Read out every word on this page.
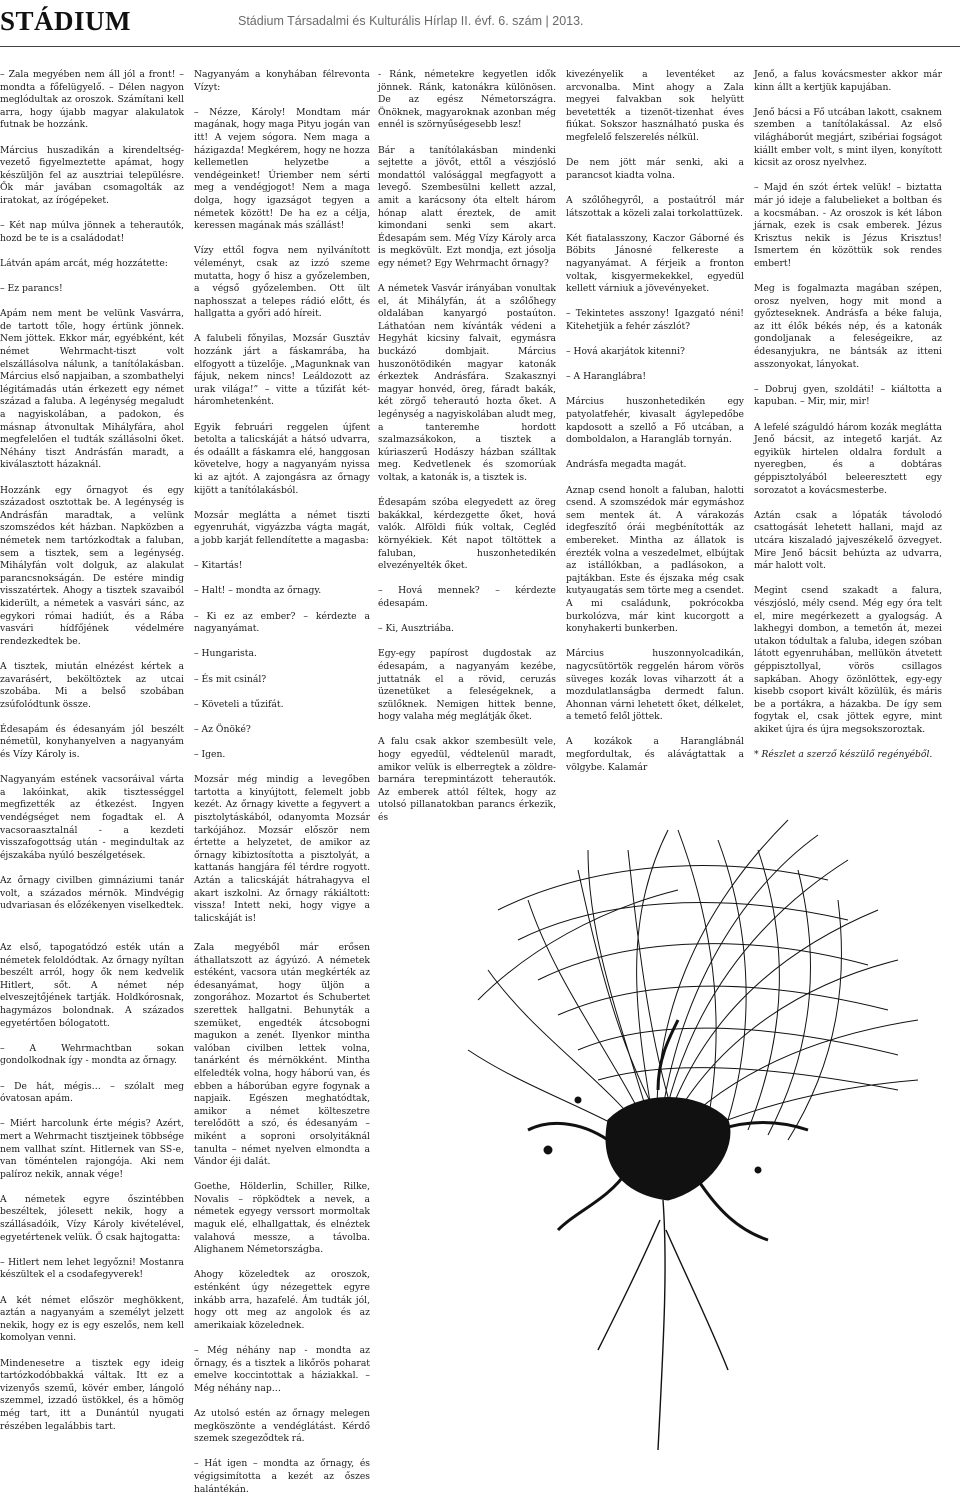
STÁDIUM	Stádium Társadalmi és Kulturális Hírlap II. évf. 6. szám | 2013.

– Zala megyében nem áll jól a front! – mondta a főfelügyelő. – Délen nagyon meglódultak az oroszok. Számítani kell arra, hogy újabb magyar alakulatok futnak be hozzánk.

Március huszadikán a kirendeltség-vezető figyelmeztette apámat, hogy készüljön fel az ausztriai településre. Ők már javában csomagolták az iratokat, az írógépeket.

– Két nap múlva jönnek a teherautók, hozd be te is a családodat!

Látván apám arcát, még hozzátette:

– Ez parancs!

Apám nem ment be velünk Vasvárra, de tartott tőle, hogy értünk jönnek. Nem jöttek. Ekkor már, egyébként, két német Wehrmacht-tiszt volt elszállásolva nálunk, a tanítólakásban. Március első napjaiban, a szombathelyi légitámadás után érkezett egy német század a faluba. A legénység megaludt a nagyiskolában, a padokon, és másnap átvonultak Mihályfára, ahol megfelelően el tudták szállásolni őket. Néhány tiszt Andrásfán maradt, a kiválasztott házaknál.

Hozzánk egy őrnagyot és egy századost osztottak be. A legénység is Andrásfán maradtak, a velünk szomszédos két házban. Napközben a németek nem tartózkodtak a faluban, sem a tisztek, sem a legénység. Mihályfán volt dolguk, az alakulat parancsnokságán. De estére mindig visszatértek. Ahogy a tisztek szavaiból kiderült, a németek a vasvári sánc, az egykori római hadiút, és a Rába vasvári hídfőjének védelmére rendezkedtek be.

A tisztek, miután elnézést kértek a zavarásért, beköltöztek az utcai szobába. Mi a belső szobában zsúfolódtunk össze.

Édesapám és édesanyám jól beszélt németül, konyhanyelven a nagyanyám és Vízy Károly is.

Nagyanyám estének vacsoráival várta a lakóinkat, akik tisztességgel megfizették az étkezést. Ingyen vendégséget nem fogadtak el. A vacsoraasztalnál - a kezdeti visszafogottság után - megindultak az éjszakába nyúló beszélgetések.

Az őrnagy civilben gimnáziumi tanár volt, a százados mérnök. Mindvégig udvariasan és előzékenyen viselkedtek.

Nagyanyám a konyhában félrevonta Vízyt:

– Nézze, Károly! Mondtam már magának, hogy maga Pityu jogán van itt! A vejem sógora. Nem maga a házigazda! Megkérem, hogy ne hozza kellemetlen helyzetbe a vendégeinket! Úriember nem sérti meg a vendégjogot! Nem a maga dolga, hogy igazságot tegyen a németek között! De ha ez a célja, keressen magának más szállást!

Vízy ettől fogva nem nyilvánított véleményt, csak az izzó szeme mutatta, hogy ő hisz a győzelemben, a végső győzelemben. Ott ült naphosszat a telepes rádió előtt, és hallgatta a győri adó híreit.

A falubeli főnyilas, Mozsár Gusztáv hozzánk járt a fáskamrába, ha elfogyott a tüzelője. „Magunknak van fájuk, nekem nincs! Leáldozott az urak világa!” – vitte a tűzifát két-háromhetenként.

Egyik februári reggelen újfent betolta a talicskáját a hátsó udvarra, és odaállt a fáskamra elé, hanggosan követelve, hogy a nagyanyám nyissa ki az ajtót. A zajongásra az őrnagy kijött a tanítólakásból.

Mozsár meglátta a német tiszti egyenruhát, vigyázzba vágta magát, a jobb karját fellendítette a magasba:

– Kitartás!

– Halt! – mondta az őrnagy.

– Ki ez az ember? – kérdezte a nagyanyámat.

– Hungarista.

– És mit csinál?

– Követeli a tűzifát.

– Az Önöké?

– Igen.

Mozsár még mindig a levegőben tartotta a kinyújtott, felemelt jobb kezét. Az őrnagy kivette a fegyvert a pisztolytáskából, odanyomta Mozsár tarkójához. Mozsár először nem értette a helyzetet, de amikor az őrnagy kibiztosította a pisztolyát, a kattanás hangjára fél térdre rogyott. Aztán a talicskáját hátrahagyva el akart iszkolni. Az őrnagy rákiáltott: vissza! Intett neki, hogy vigye a talicskáját is!

- Ránk, németekre kegyetlen idők jönnek. Ránk, katonákra különösen. De az egész Németországra. Önöknek, magyaroknak azonban még ennél is szörnyűségesebb lesz!

Bár a tanítólakásban mindenki sejtette a jövőt, ettől a vészjósló mondattól valósággal megfagyott a levegő. Szembesülni kellett azzal, amit a karácsony óta eltelt három hónap alatt éreztek, de amit kimondani senki sem akart. Édesapám sem. Még Vízy Károly arca is megkövült. Ezt mondja, ezt jósolja egy német? Egy Wehrmacht őrnagy?

A németek Vasvár irányában vonultak el, át Mihályfán, át a szőlőhegy oldalában kanyargó postaúton. Láthatóan nem kívánták védeni a Hegyhát kicsiny falvait, egymásra buckázó dombjait. Március huszonötödikén magyar katonák érkeztek Andrásfára. Szakasznyi magyar honvéd, öreg, fáradt bakák, két zörgő teherautó hozta őket. A legénység a nagyiskolában aludt meg, a tanteremhe hordott szalmazsákokon, a tisztek a kúriaszerű Hodászy házban szálltak meg. Kedvetlenek és szomorúak voltak, a katonák is, a tisztek is.

Édesapám szóba elegyedett az öreg bakákkal, kérdezgette őket, hová valók. Alföldi fiúk voltak, Cegléd környékiek. Két napot töltöttek a faluban, huszonhetedikén elvezényelték őket.

– Hová mennek? – kérdezte édesapám.

– Ki, Ausztriába.

Egy-egy papírost dugdostak az édesapám, a nagyanyám kezébe, juttatnák el a rövid, ceruzás üzenetüket a feleségeknek, a szülőknek. Nemigen hittek benne, hogy valaha még meglátják őket.

A falu csak akkor szembesült vele, hogy egyedül, védtelenül maradt, amikor velük is elberregtek a zöldre-barnára terepmintázott teherautók. Az emberek attól féltek, hogy az utolsó pillanatokban parancs érkezik, és

kivezényelik a leventéket az arcvonalba. Mint ahogy a Zala megyei falvakban sok helyütt bevetették a tizenöt-tizenhat éves fiúkat. Sokszor használható puska és megfelelő felszerelés nélkül.

De nem jött már senki, aki a parancsot kiadta volna.

A szőlőhegyről, a postaútról már látszottak a közeli zalai torkolattüzek.

Két fiatalasszony, Kaczor Gáborné és Böbits Jánosné felkereste a nagyanyámat. A férjeik a fronton voltak, kisgyermekekkel, egyedül kellett várniuk a jövevényeket.

– Tekintetes asszony! Igazgató néni! Kitehetjük a fehér zászlót?

– Hová akarjátok kitenni?

– A Haranglábra!

Március huszonhetedikén egy patyolatfehér, kivasalt ágylepedőbe kapdosott a szellő a Fő utcában, a domboldalon, a Harangláb tornyán.

Andrásfa megadta magát.

Aznap csend honolt a faluban, halotti csend. A szomszédok már egymáshoz sem mentek át. A várakozás idegfeszítő órái megbénították az embereket. Mintha az állatok is érezték volna a veszedelmet, elbújtak az istállókban, a padlásokon, a pajtákban. Este és éjszaka még csak kutyaugatás sem törte meg a csendet. A mi családunk, pokrócokba burkolózva, már kint kucorgott a konyhakerti bunkerben.

Március huszonnyolcadikán, nagycsütörtök reggelén három vörös süveges kozák lovas viharzott át a mozdulatlanságba dermedt falun. Ahonnan várni lehetett őket, délkelet, a temető felől jöttek.

A kozákok a Haranglábnál megfordultak, és alávágtattak a völgybe. Kalamár

Jenő, a falus kovácsmester akkor már kinn állt a kertjük kapujában.

Jenő bácsi a Fő utcában lakott, csaknem szemben a tanítólakással. Az első világháborút megjárt, szibériai fogságot kiállt ember volt, s mint ilyen, konyított kicsit az orosz nyelvhez.

– Majd én szót értek velük! – biztatta már jó ideje a falubelieket a boltban és a kocsmában. - Az oroszok is két lábon járnak, ezek is csak emberek. Jézus Krisztus nekik is Jézus Krisztus! Ismertem én közöttük sok rendes embert!

Meg is fogalmazta magában szépen, orosz nyelven, hogy mit mond a győzteseknek. Andrásfa a béke faluja, az itt élők békés nép, és a katonák gondoljanak a feleségeikre, az édesanyjukra, ne bántsák az itteni asszonyokat, lányokat.

– Dobruj gyen, szoldáti! – kiáltotta a kapuban. – Mir, mir, mir!

A lefelé száguldó három kozák meglátta Jenő bácsit, az integető karját. Az egyikük hirtelen oldalra fordult a nyeregben, és a dobtáras géppisztolyából beleeresztett egy sorozatot a kovácsmesterbe.

Aztán csak a lópaták távolodó csattogását lehetett hallani, majd az utcára kiszaladó jajveszékelő özvegyet. Mire Jenő bácsit behúzta az udvarra, már halott volt.

Megint csend szakadt a falura, vészjósló, mély csend. Még egy óra telt el, mire megérkezett a gyalogság. A lakhegyi dombon, a temetőn át, mezei utakon tódultak a faluba, idegen szóban látott egyenruhában, mellükön átvetett géppisztollyal, vörös csillagos sapkában. Ahogy özönlöttek, egy-egy kisebb csoport kivált közülük, és máris be a portákra, a házakba. De így sem fogytak el, csak jöttek egyre, mint akiket újra és újra megsokszoroztak.

* Részlet a szerző készülő regényéből.

Az első, tapogatódzó esték után a németek feloldódtak. Az őrnagy nyíltan beszélt arról, hogy ők nem kedvelik Hitlert, sőt. A német nép elveszejtőjének tartják. Holdkórosnak, hagymázos bolondnak. A százados egyetértően bólogatott.

– A Wehrmachtban sokan gondolkodnak így - mondta az őrnagy.

– De hát, mégis… – szólalt meg óvatosan apám.

– Miért harcolunk érte mégis? Azért, mert a Wehrmacht tisztjeinek többsége nem vallhat színt. Hitlernek van SS-e, van töméntelen rajongója. Aki nem palíroz nekik, annak vége!

A németek egyre őszintébben beszéltek, jólesett nekik, hogy a szállásadóik, Vízy Károly kivételével, egyetértenek velük. Ő csak hajtogatta:

– Hitlert nem lehet legyőzni! Mostanra készültek el a csodafegyverek!

A két német először meghökkent, aztán a nagyanyám a személyt jelzett nekik, hogy ez is egy eszelős, nem kell komolyan venni.

Mindenesetre a tisztek egy ideig tartózkodóbbakká váltak. Itt ez a vizenyős szemű, kövér ember, lángoló szemmel, izzadó üstökkel, és a hömög még tart, itt a Dunántúl nyugati részében legalábbis tart.

Zala megyéből már erősen áthallatszott az ágyúzó. A németek estéként, vacsora után megkérték az édesanyámat, hogy üljön a zongorához. Mozartot és Schubertet szerettek hallgatni. Behunyták a szemüket, engedték átcsobogni magukon a zenét. Ilyenkor mintha valóban civilben lettek volna, tanárként és mérnökként. Mintha elfeledték volna, hogy háború van, és ebben a háborúban egyre fogynak a napjaik. Egészen meghatódtak, amikor a német költeszetre terelődött a szó, és édesanyám – miként a soproni orsolyitáknál tanulta – német nyelven elmondta a Vándor éji dalát.

Goethe, Hölderlin, Schiller, Rilke, Novalis – röpködtek a nevek, a németek egyegy verssort mormoltak maguk elé, elhallgattak, és elnéztek valahová messze, a távolba. Alighanem Németországba.

Ahogy közeledtek az oroszok, esténként úgy nézegettek egyre inkább arra, hazafelé. Ám tudták jól, hogy ott meg az angolok és az amerikaiak közelednek.

– Még néhány nap - mondta az őrnagy, és a tisztek a likőrös poharat emelve koccintottak a háziakkal. – Még néhány nap…

Az utolsó estén az őrnagy melegen megköszönte a vendéglátást. Kérdő szemek szegeződtek rá.

– Hát igen – mondta az őrnagy, és végigsimította a kezét az őszes halántékán.
